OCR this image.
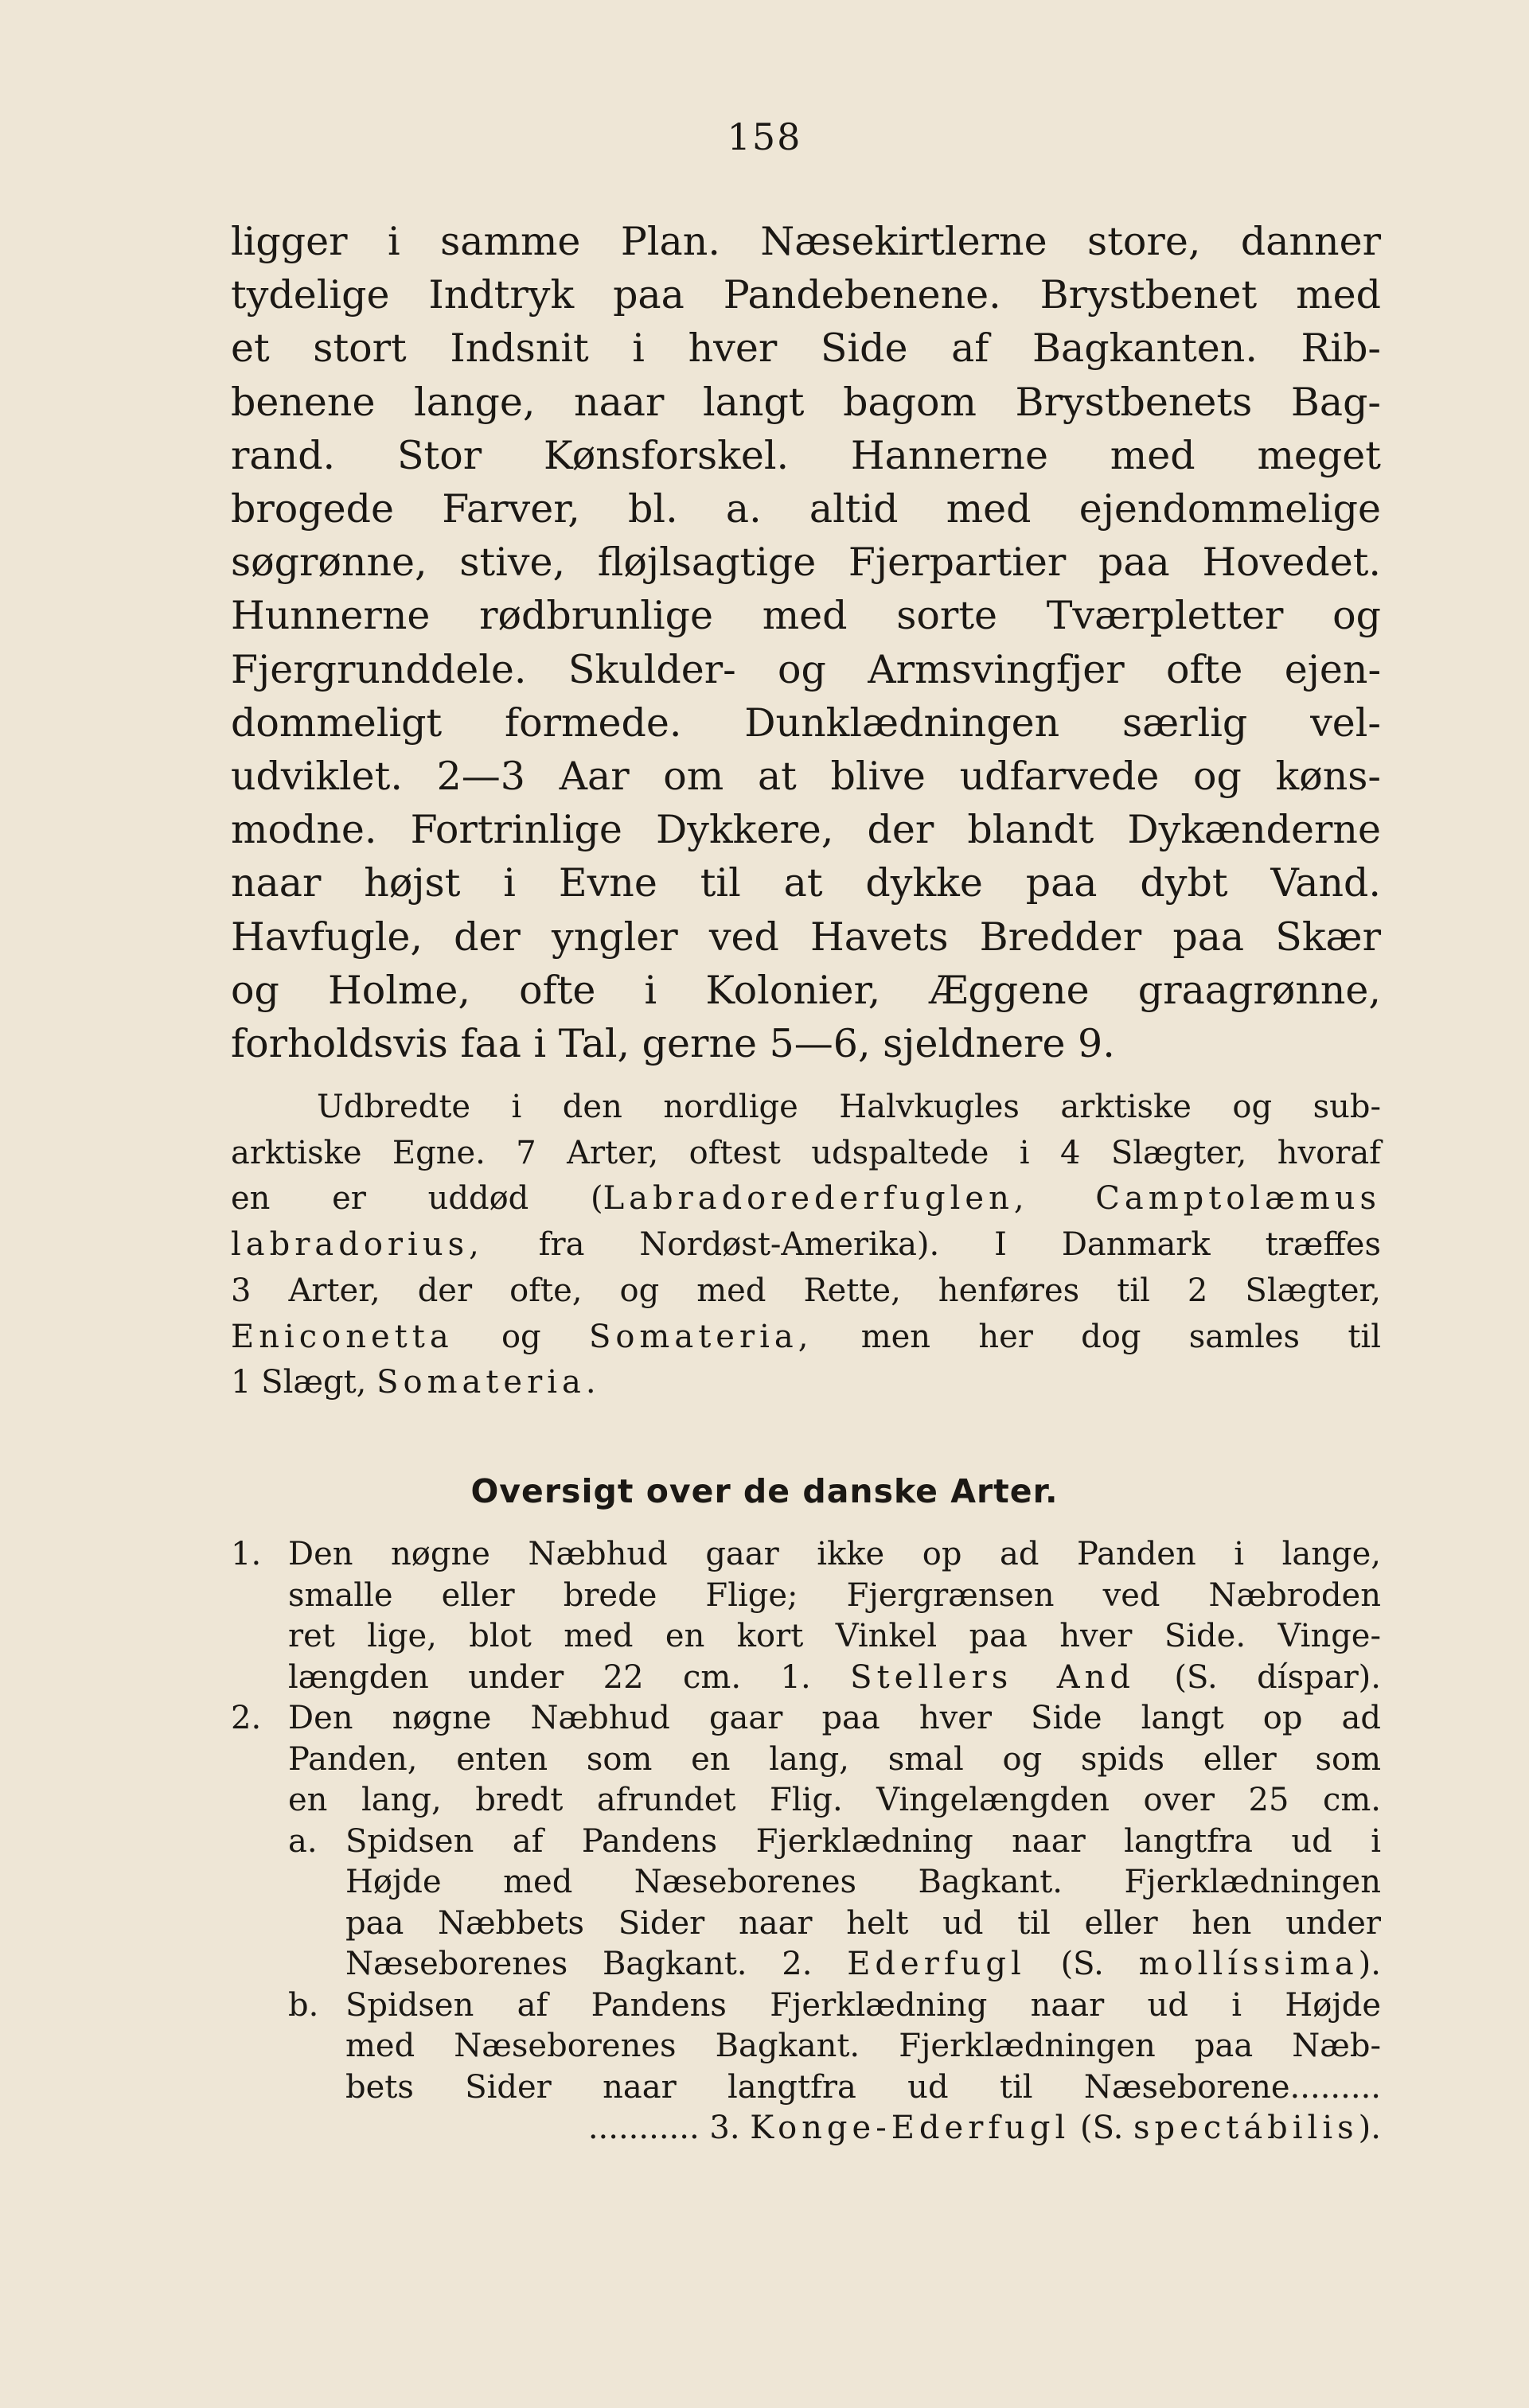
158
ligger i samme Plan. Næsekirtlerne store, danner
tydelige Indtryk paa Pandebenene. Brystbenet med
et stort Indsnit i hver Side af Bagkanten. Rib-
benene lange, naar langt bagom Brystbenets Bag-
rand. Stor Kønsforskel. Hannerne med meget
brogede Farver, bl. a. altid med ejendommelige
søgrønne, stive, fløjlsagtige Fjerpartier paa Hovedet.
Hunnerne rødbrunlige med sorte Tværpletter og
Fjergrunddele. Skulder- og Armsvingfjer ofte ejen-
dommeligt formede. Dunklædningen særlig vel-
udviklet. 2—3 Aar om at blive udfarvede og køns-
modne. Fortrinlige Dykkere, der blandt Dykænderne
naar højst i Evne til at dykke paa dybt Vand.
Havfugle, der yngler ved Havets Bredder paa Skær
og Holme, ofte i Kolonier, Æggene graagrønne,
forholdsvis faa i Tal, gerne 5—6, sjeldnere 9.
Udbredte i den nordlige Halvkugles arktiske og sub-
arktiske Egne. 7 Arter, oftest udspaltede i 4 Slægter, hvoraf
en er uddød (Labradorederfuglen, Camptolæmus
labradorius, fra Nordøst-Amerika). I Danmark træffes
3 Arter, der ofte, og med Rette, henføres til 2 Slægter,
Eniconetta og Somateria, men her dog samles til
1 Slægt, Somateria.
Oversigt over de danske Arter.
1. Den nøgne Næbhud gaar ikke op ad Panden i lange,
smalle eller brede Flige; Fjergrænsen ved Næbroden
ret lige, blot med en kort Vinkel paa hver Side. Vinge-
længden under 22 cm. 1. Stellers And (S. díspar).
2. Den nøgne Næbhud gaar paa hver Side langt op ad
Panden, enten som en lang, smal og spids eller som
en lang, bredt afrundet Flig. Vingelængden over 25 cm.
a. Spidsen af Pandens Fjerklædning naar langtfra ud i
Højde med Næseborenes Bagkant. Fjerklædningen
paa Næbbets Sider naar helt ud til eller hen under
Næseborenes Bagkant. 2. Ederfugl (S. mollíssima).
b. Spidsen af Pandens Fjerklædning naar ud i Højde
med Næseborenes Bagkant. Fjerklædningen paa Næb-
bets Sider naar langtfra ud til Næseborene.........
........... 3. Konge-Ederfugl (S. spectábilis).
